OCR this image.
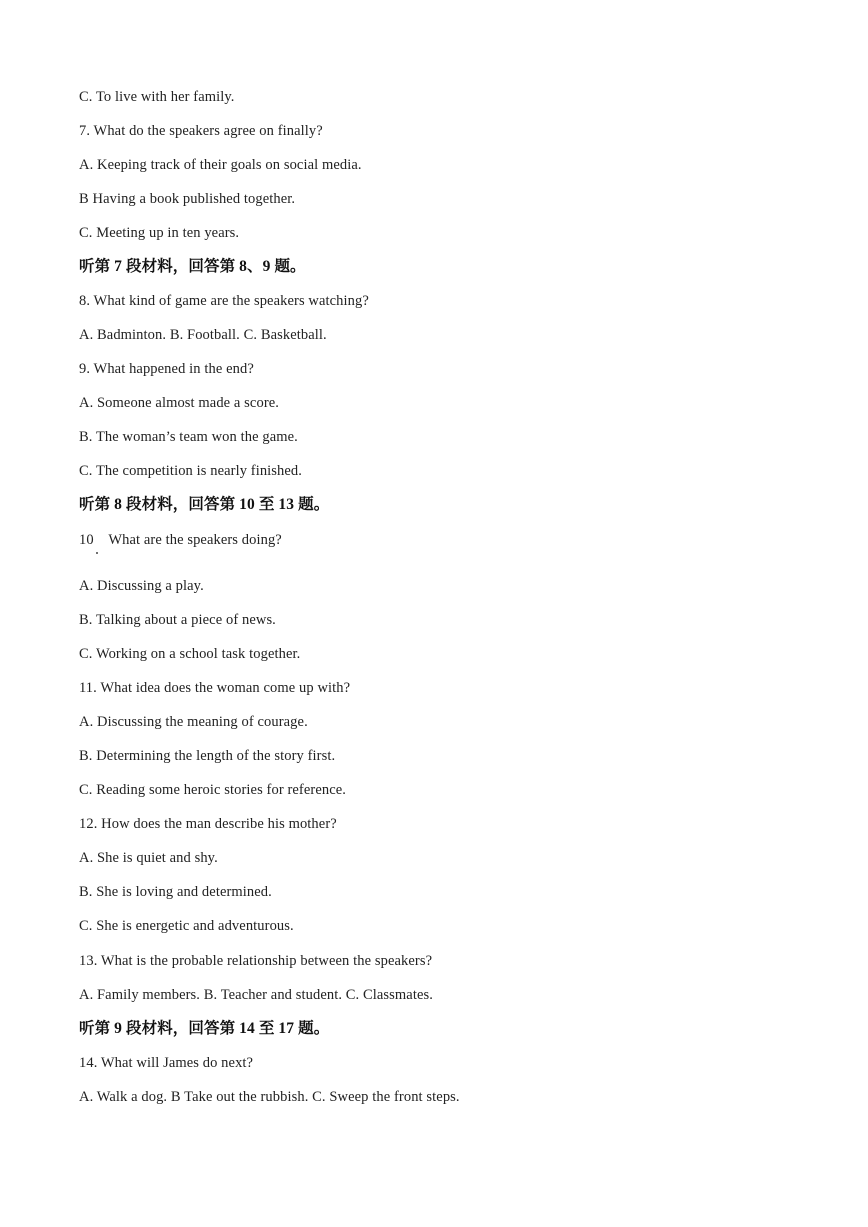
C. To live with her family.
7. What do the speakers agree on finally?
A. Keeping track of their goals on social media.
B Having a book published together.
C. Meeting up in ten years.
听第 7 段材料，回答第 8、9 题。
8. What kind of game are the speakers watching?
A. Badminton. B. Football. C. Basketball.
9. What happened in the end?
A. Someone almost made a score.
B. The woman’s team won the game.
C. The competition is nearly finished.
听第 8 段材料，回答第 10 至 13 题。
10    What are the speakers doing?
A. Discussing a play.
B. Talking about a piece of news.
C. Working on a school task together.
11. What idea does the woman come up with?
A. Discussing the meaning of courage.
B. Determining the length of the story first.
C. Reading some heroic stories for reference.
12. How does the man describe his mother?
A. She is quiet and shy.
B. She is loving and determined.
C. She is energetic and adventurous.
13. What is the probable relationship between the speakers?
A. Family members. B. Teacher and student. C. Classmates.
听第 9 段材料，回答第 14 至 17 题。
14. What will James do next?
A. Walk a dog. B Take out the rubbish. C. Sweep the front steps.
